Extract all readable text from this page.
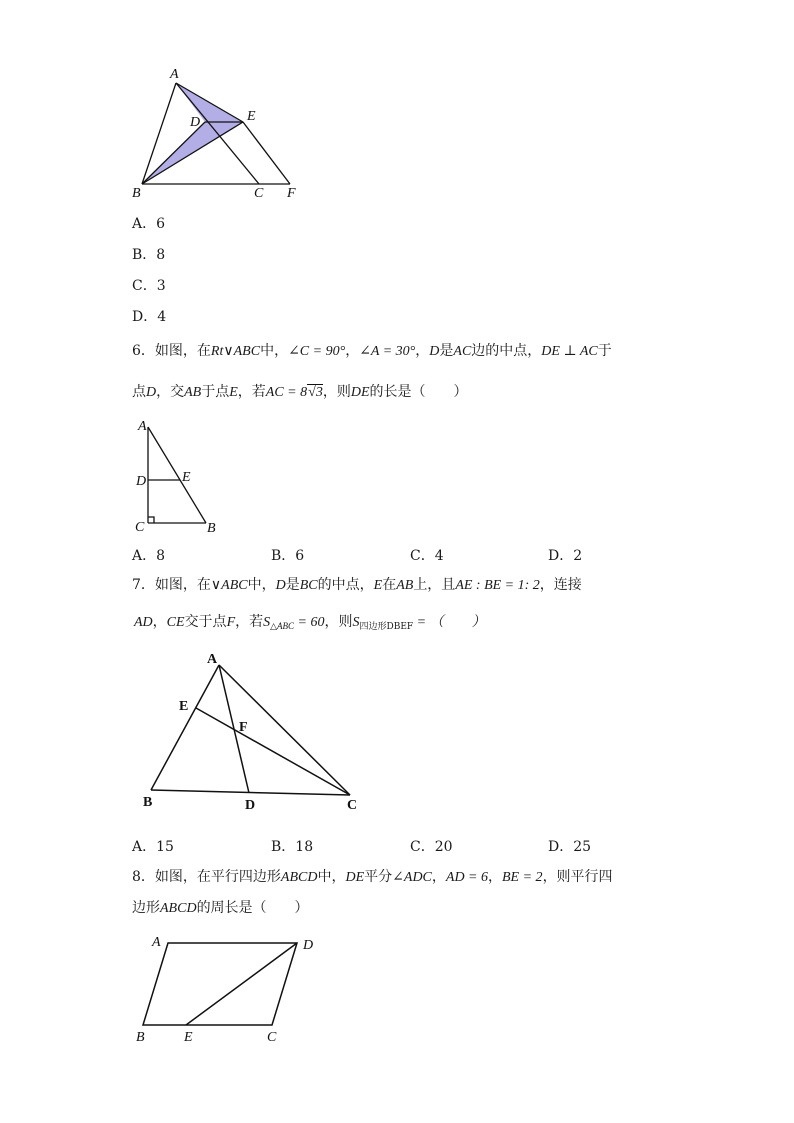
A
D	E
B	C F
A．6
B．8
C．3
D．4
6．如图，在Rt∨ABC中，∠C = 90°，∠A = 30°，D是AC边的中点，DE ⊥ AC于
点D，交AB于点E，若AC = 8√3，则DE的长是（　　）
A
D	E
C	B
A．8	B．6	C．4	D．2
7．如图，在∨ABC中，D是BC的中点，E在AB上，且AE : BE = 1: 2，连接
AD，CE交于点F，若$S_{\triangle ABC} = 60$，则$S_{四边形DBEF}$ = （　　）
A
E
F
B	D	C
A．15	B．18	C．20	D．25
8．如图，在平行四边形ABCD中，DE平分∠ADC，AD = 6，BE = 2，则平行四
边形ABCD的周长是（　　）
A	D
B	E	C
